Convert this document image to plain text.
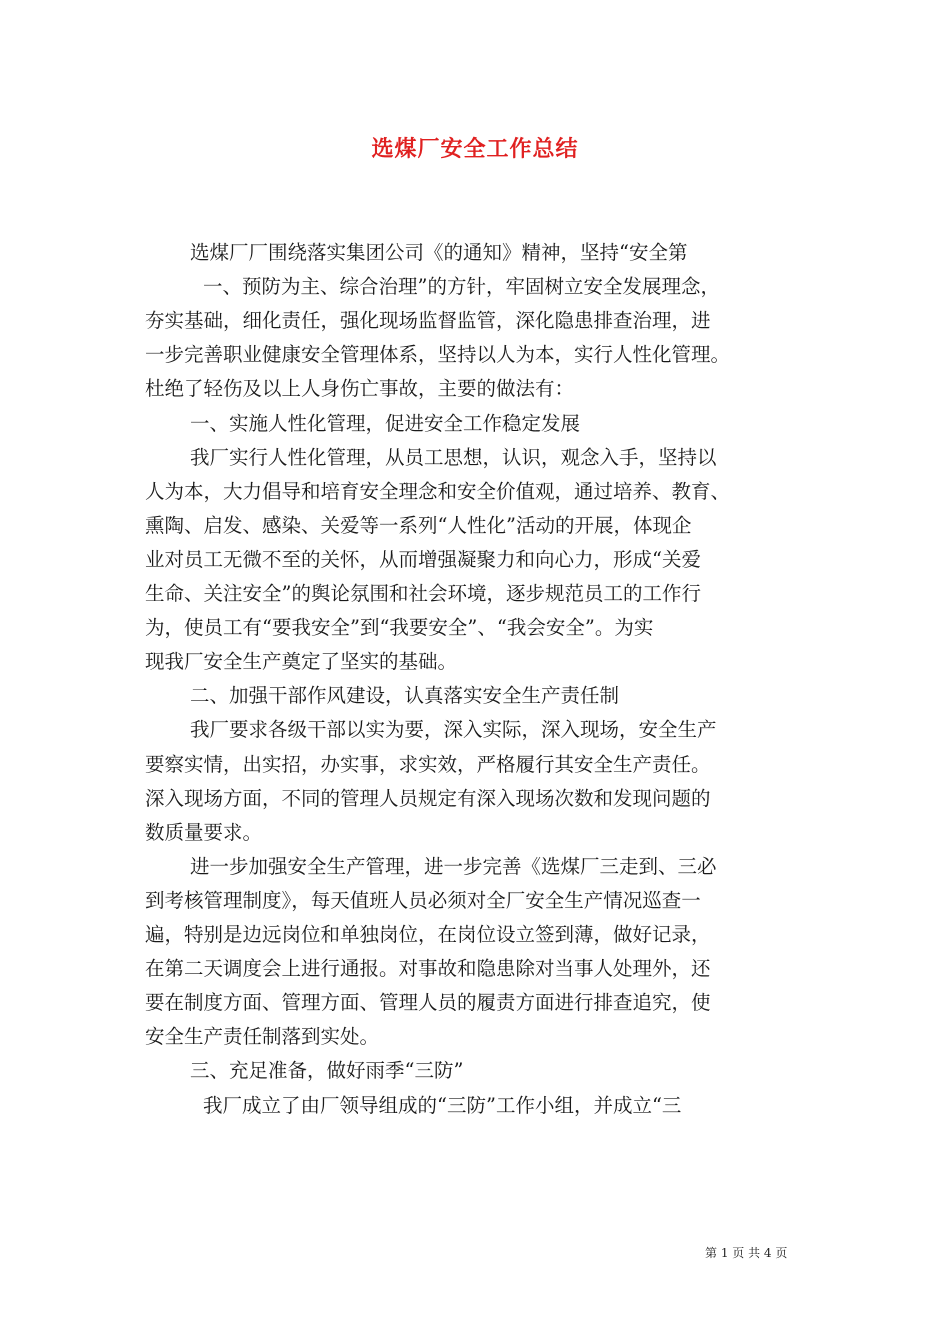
选煤厂安全工作总结
选煤厂厂围绕落实集团公司《的通知》精神，坚持“安全第
一、预防为主、综合治理”的方针，牢固树立安全发展理念，
夯实基础，细化责任，强化现场监督监管，深化隐患排查治理，进
一步完善职业健康安全管理体系，坚持以人为本，实行人性化管理。
杜绝了轻伤及以上人身伤亡事故，主要的做法有：
一、实施人性化管理，促进安全工作稳定发展
我厂实行人性化管理，从员工思想，认识，观念入手，坚持以
人为本，大力倡导和培育安全理念和安全价值观，通过培养、教育、
熏陶、启发、感染、关爱等一系列“人性化”活动的开展，体现企
业对员工无微不至的关怀，从而增强凝聚力和向心力，形成“关爱
生命、关注安全”的舆论氛围和社会环境，逐步规范员工的工作行
为，使员工有“要我安全”到“我要安全”、“我会安全”。为实
现我厂安全生产奠定了坚实的基础。
二、加强干部作风建设，认真落实安全生产责任制
我厂要求各级干部以实为要，深入实际，深入现场，安全生产
要察实情，出实招，办实事，求实效，严格履行其安全生产责任。
深入现场方面，不同的管理人员规定有深入现场次数和发现问题的
数质量要求。
进一步加强安全生产管理，进一步完善《选煤厂三走到、三必
到考核管理制度》，每天值班人员必须对全厂安全生产情况巡查一
遍，特别是边远岗位和单独岗位，在岗位设立签到薄，做好记录，
在第二天调度会上进行通报。对事故和隐患除对当事人处理外，还
要在制度方面、管理方面、管理人员的履责方面进行排查追究，使
安全生产责任制落到实处。
三、充足准备，做好雨季“三防”
我厂成立了由厂领导组成的“三防”工作小组，并成立“三
第 1 页 共 4 页
